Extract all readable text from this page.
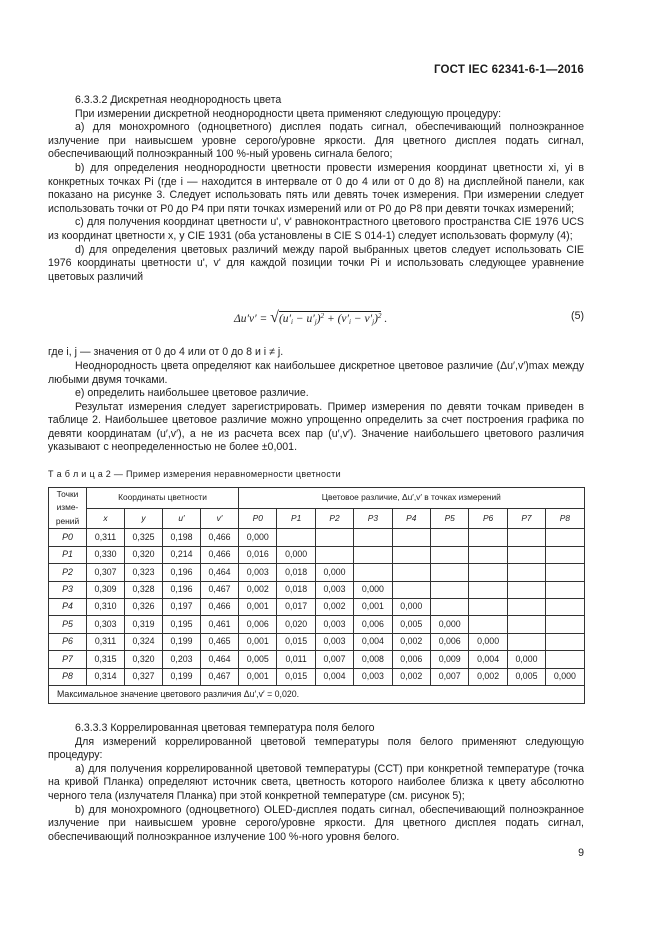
ГОСТ IEC 62341-6-1—2016

6.3.3.2 Дискретная неоднородность цвета

При измерении дискретной неоднородности цвета применяют следующую процедуру:

а) для монохромного (одноцветного) дисплея подать сигнал, обеспечивающий полноэкранное излучение при наивысшем уровне серого/уровне яркости. Для цветного дисплея подать сигнал, обеспечивающий полноэкранный 100 %-ный уровень сигнала белого;

b) для определения неоднородности цветности провести измерения координат цветности xi, yi в конкретных точках Pi (где i — находится в интервале от 0 до 4 или от 0 до 8) на дисплейной панели, как показано на рисунке 3. Следует использовать пять или девять точек измерения. При измерении следует использовать точки от P0 до P4 при пяти точках измерений или от P0 до P8 при девяти точках измерений;

с) для получения координат цветности u', v' равноконтрастного цветового пространства CIE 1976 UCS из координат цветности x, y CIE 1931 (оба установлены в CIE S 014-1) следует использовать формулу (4);

d) для определения цветовых различий между парой выбранных цветов следует использовать CIE 1976 координаты цветности u', v' для каждой позиции точки Pi и использовать следующее уравнение цветовых различий

$\Delta u'v' = √(u'_i - u'_j)^2 + (v'_i - v'_j)^2$ .	(5)

где i, j — значения от 0 до 4 или от 0 до 8 и i ≠ j.

Неоднородность цвета определяют как наибольшее дискретное цветовое различие (Δu′,v′)max между любыми двумя точками.

е) определить наибольшее цветовое различие.

Результат измерения следует зарегистрировать. Пример измерения по девяти точкам приведен в таблице 2. Наибольшее цветовое различие можно упрощенно определить за счет построения графика по девяти координатам (u′,v′), а не из расчета всех пар (u′,v′). Значение наибольшего цветового различия указывают с неопределенностью не более ±0,001.

Т а б л и ц а 2 — Пример измерения неравномерности цветности

Точки изме-рений	Координаты цветности				Цветовое различие, Δu′,v′ в точках измерений								
	x	y	u′	v′	P0	P1	P2	P3	P4	P5	P6	P7	P8
P0	0,311	0,325	0,198	0,466	0,000								
P1	0,330	0,320	0,214	0,466	0,016	0,000							
P2	0,307	0,323	0,196	0,464	0,003	0,018	0,000						
P3	0,309	0,328	0,196	0,467	0,002	0,018	0,003	0,000					
P4	0,310	0,326	0,197	0,466	0,001	0,017	0,002	0,001	0,000				
P5	0,303	0,319	0,195	0,461	0,006	0,020	0,003	0,006	0,005	0,000			
P6	0,311	0,324	0,199	0,465	0,001	0,015	0,003	0,004	0,002	0,006	0,000		
P7	0,315	0,320	0,203	0,464	0,005	0,011	0,007	0,008	0,006	0,009	0,004	0,000	
P8	0,314	0,327	0,199	0,467	0,001	0,015	0,004	0,003	0,002	0,007	0,002	0,005	0,000
Максимальное значение цветового различия Δu′,v′ = 0,020.													

6.3.3.3 Коррелированная цветовая температура поля белого

Для измерений коррелированной цветовой температуры поля белого применяют следующую процедуру:

а) для получения коррелированной цветовой температуры (ССТ) при конкретной температуре (точка на кривой Планка) определяют источник света, цветность которого наиболее близка к цвету абсолютно черного тела (излучателя Планка) при этой конкретной температуре (см. рисунок 5);

b) для монохромного (одноцветного) OLED-дисплея подать сигнал, обеспечивающий полноэкранное излучение при наивысшем уровне серого/уровне яркости. Для цветного дисплея подать сигнал, обеспечивающий полноэкранное излучение 100 %-ного уровня белого.

9
